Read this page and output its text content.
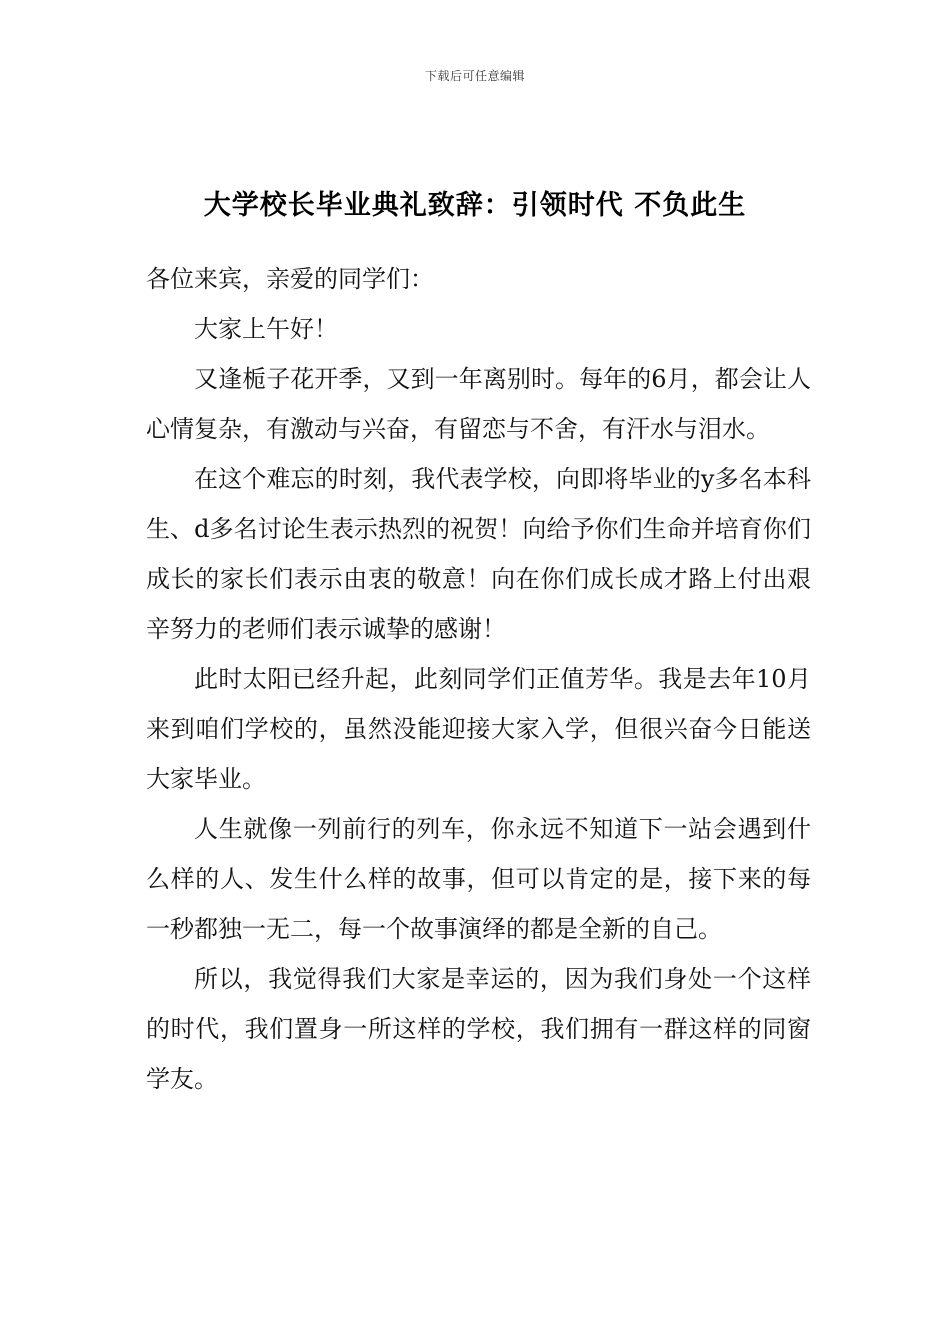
下载后可任意编辑
大学校长毕业典礼致辞：引领时代 不负此生

各位来宾，亲爱的同学们：

大家上午好！

又逢栀子花开季，又到一年离别时。每年的6月，都会让人心情复杂，有激动与兴奋，有留恋与不舍，有汗水与泪水。

在这个难忘的时刻，我代表学校，向即将毕业的y多名本科生、d多名讨论生表示热烈的祝贺！向给予你们生命并培育你们成长的家长们表示由衷的敬意！向在你们成长成才路上付出艰辛努力的老师们表示诚挚的感谢！

此时太阳已经升起，此刻同学们正值芳华。我是去年10月来到咱们学校的，虽然没能迎接大家入学，但很兴奋今日能送大家毕业。

人生就像一列前行的列车，你永远不知道下一站会遇到什么样的人、发生什么样的故事，但可以肯定的是，接下来的每一秒都独一无二，每一个故事演绎的都是全新的自己。

所以，我觉得我们大家是幸运的，因为我们身处一个这样的时代，我们置身一所这样的学校，我们拥有一群这样的同窗学友。
